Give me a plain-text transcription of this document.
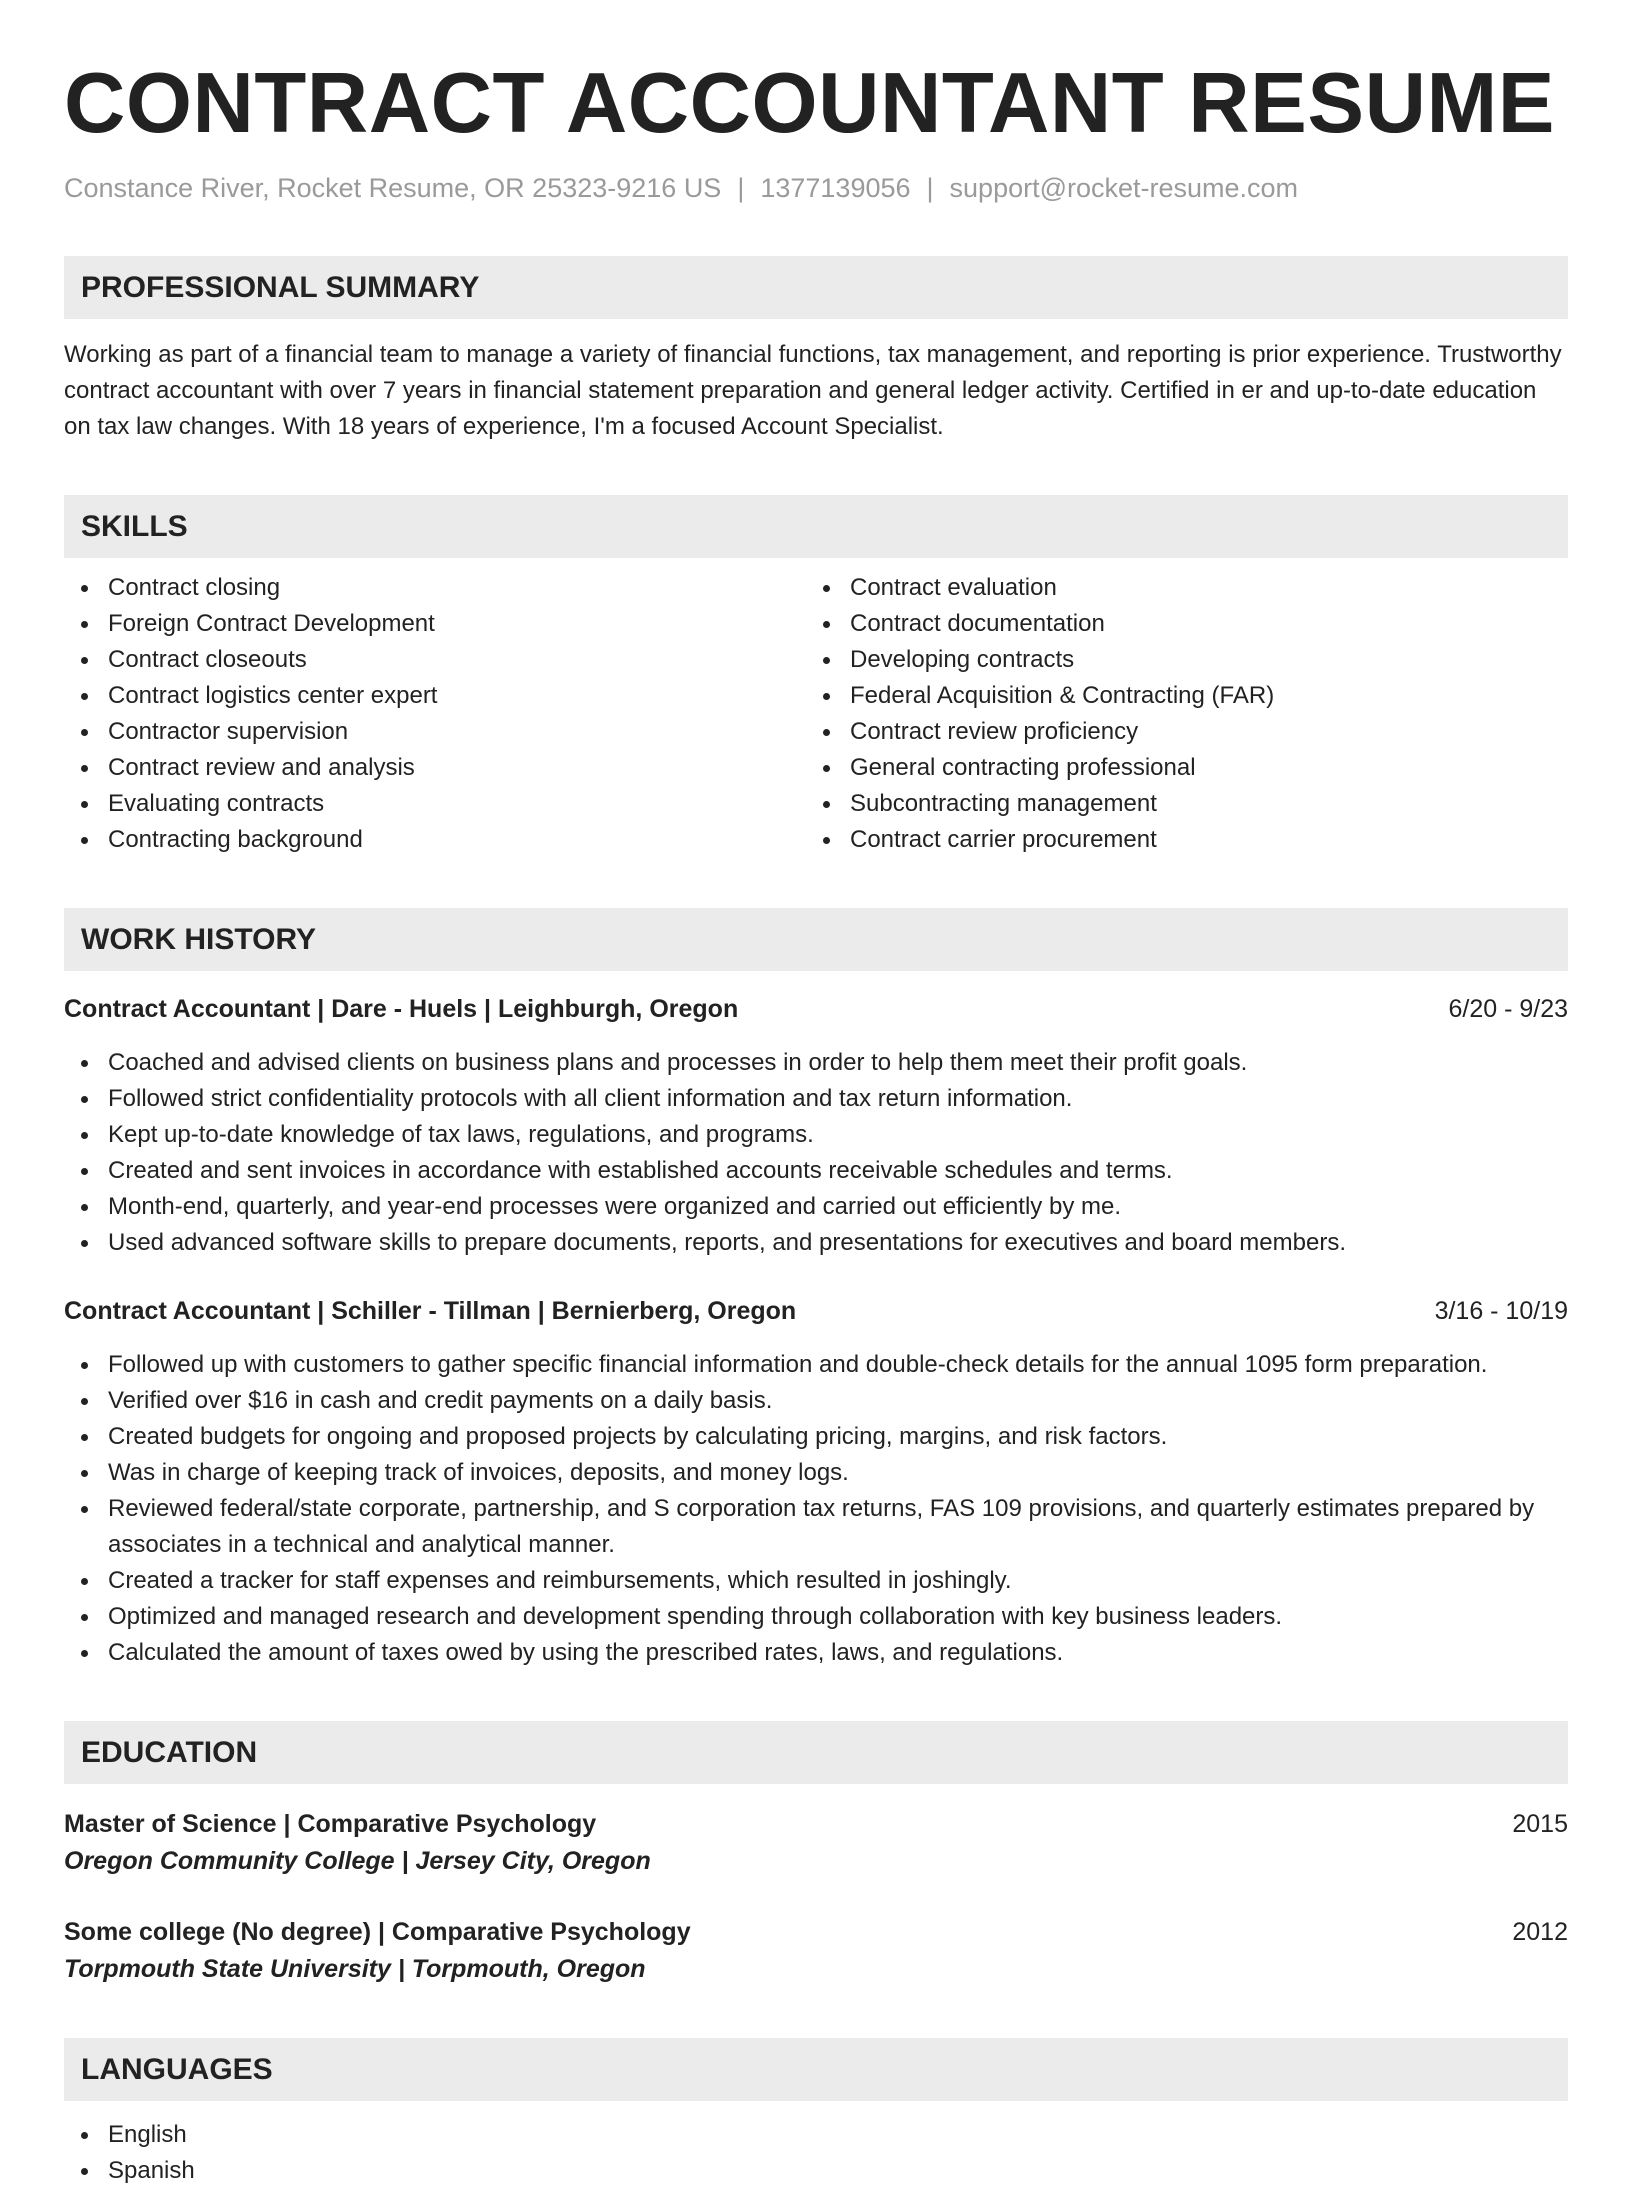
CONTRACT ACCOUNTANT RESUME
Constance River, Rocket Resume, OR 25323-9216 US | 1377139056 | support@rocket-resume.com
PROFESSIONAL SUMMARY
Working as part of a financial team to manage a variety of financial functions, tax management, and reporting is prior experience. Trustworthy contract accountant with over 7 years in financial statement preparation and general ledger activity. Certified in er and up-to-date education on tax law changes. With 18 years of experience, I'm a focused Account Specialist.
SKILLS
Contract closing
Foreign Contract Development
Contract closeouts
Contract logistics center expert
Contractor supervision
Contract review and analysis
Evaluating contracts
Contracting background
Contract evaluation
Contract documentation
Developing contracts
Federal Acquisition & Contracting (FAR)
Contract review proficiency
General contracting professional
Subcontracting management
Contract carrier procurement
WORK HISTORY
Contract Accountant | Dare - Huels | Leighburgh, Oregon	6/20 - 9/23
Coached and advised clients on business plans and processes in order to help them meet their profit goals.
Followed strict confidentiality protocols with all client information and tax return information.
Kept up-to-date knowledge of tax laws, regulations, and programs.
Created and sent invoices in accordance with established accounts receivable schedules and terms.
Month-end, quarterly, and year-end processes were organized and carried out efficiently by me.
Used advanced software skills to prepare documents, reports, and presentations for executives and board members.
Contract Accountant | Schiller - Tillman | Bernierberg, Oregon	3/16 - 10/19
Followed up with customers to gather specific financial information and double-check details for the annual 1095 form preparation.
Verified over $16 in cash and credit payments on a daily basis.
Created budgets for ongoing and proposed projects by calculating pricing, margins, and risk factors.
Was in charge of keeping track of invoices, deposits, and money logs.
Reviewed federal/state corporate, partnership, and S corporation tax returns, FAS 109 provisions, and quarterly estimates prepared by associates in a technical and analytical manner.
Created a tracker for staff expenses and reimbursements, which resulted in joshingly.
Optimized and managed research and development spending through collaboration with key business leaders.
Calculated the amount of taxes owed by using the prescribed rates, laws, and regulations.
EDUCATION
Master of Science | Comparative Psychology	2015
Oregon Community College | Jersey City, Oregon
Some college (No degree) | Comparative Psychology	2012
Torpmouth State University | Torpmouth, Oregon
LANGUAGES
English
Spanish
